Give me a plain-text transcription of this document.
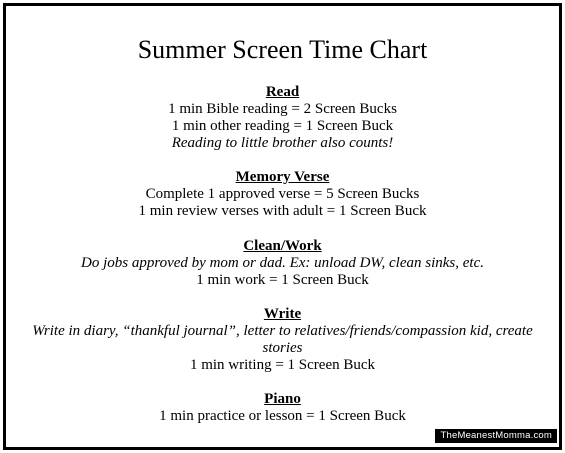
Summer Screen Time Chart
Read
1 min Bible reading = 2 Screen Bucks
1 min other reading = 1 Screen Buck
Reading to little brother also counts!
Memory Verse
Complete 1 approved verse = 5 Screen Bucks
1 min review verses with adult = 1 Screen Buck
Clean/Work
Do jobs approved by mom or dad. Ex: unload DW, clean sinks, etc.
1 min work = 1 Screen Buck
Write
Write in diary, “thankful journal”, letter to relatives/friends/compassion kid, create
stories
1 min writing = 1 Screen Buck
Piano
1 min practice or lesson = 1 Screen Buck
TheMeanestMomma.com
